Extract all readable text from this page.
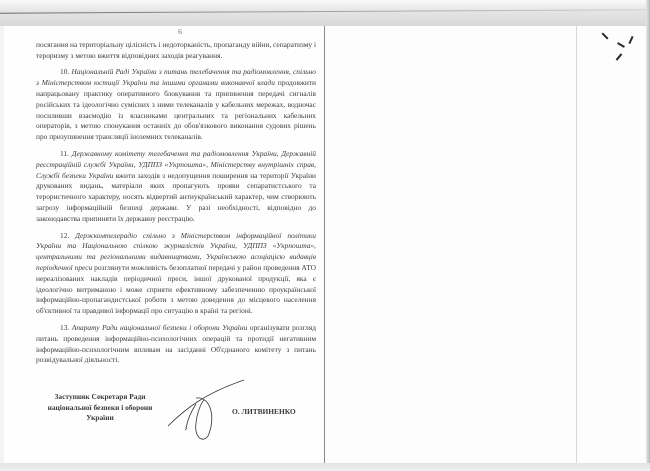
6

посягання на територіальну цілісність і недоторканість, пропаганду війни, сепаратизму і тероризму з метою вжиття відповідних заходів реагування.

10. Національній Раді України з питань телебачення та радіомовлення, спільно з Міністерством юстиції України та іншими органами виконавчої влади продовжити напрацьовану практику оперативного блокування та припинення передачі сигналів російських та ідеологічно сумісних з ними телеканалів у кабельних мережах, водночас посиливши взаємодію із власниками центральних та регіональних кабельних операторів, з метою спонукання останніх до обов'язкового виконання судових рішень про призупинення трансляції іноземних телеканалів.

11. Державному комітету телебачення та радіомовлення України, Державній реєстраційній службі України, УДППЗ «Укрпошта», Міністерству внутрішніх справ, Службі безпеки України вжити заходів з недопущення поширення на території України друкованих видань, матеріали яких пропагують прояви сепаратистського та терористичного характеру, носять відвертий антиукраїнський характер, чим створюють загрозу інформаційній безпеці держави. У разі необхідності, відповідно до законодавства припиняти їх державну реєстрацію.

12. Держкомтелерадіо спільно з Міністерством інформаційної політики України та Національною спілкою журналістів України, УДППЗ «Укрпошта», центральними та регіональними видавництвами, Українською асоціацією видавців періодичної преси розглянути можливість безоплатної передачі у район проведення АТО нереалізованих накладів періодичної преси, іншої друкованої продукції, яка є ідеологічно витриманою і може сприяти ефективному забезпеченню проукраїнської інформаційно-пропагандистської роботи з метою доведення до місцевого населення об'єктивної та правдивої інформації про ситуацію в країні та регіоні.

13. Апарату Ради національної безпеки і оборони України організувати розгляд питань проведення інформаційно-психологічних операцій та протидії негативним інформаційно-психологічним впливам на засіданні Об'єднаного комітету з питань розвідувальної діяльності.

Заступник Секретаря Ради
національної безпеки і оборони
України
О. ЛИТВИНЕНКО
